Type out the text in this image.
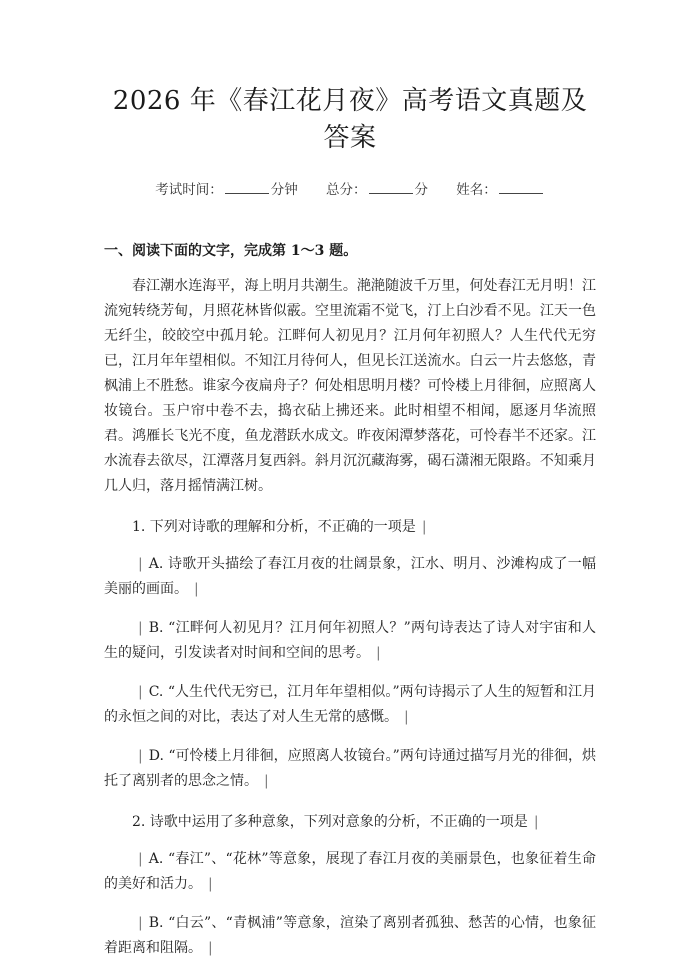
2026 年《春江花月夜》高考语文真题及答案
考试时间：	分钟 总分：	分 姓名：
一、阅读下面的文字，完成第 1～3 题。

春江潮水连海平，海上明月共潮生。滟滟随波千万里，何处春江无月明！江流宛转绕芳甸，月照花林皆似霰。空里流霜不觉飞，汀上白沙看不见。江天一色无纤尘，皎皎空中孤月轮。江畔何人初见月？江月何年初照人？人生代代无穷已，江月年年望相似。不知江月待何人，但见长江送流水。白云一片去悠悠，青枫浦上不胜愁。谁家今夜扁舟子？何处相思明月楼？可怜楼上月徘徊，应照离人妆镜台。玉户帘中卷不去，捣衣砧上拂还来。此时相望不相闻，愿逐月华流照君。鸿雁长飞光不度，鱼龙潜跃水成文。昨夜闲潭梦落花，可怜春半不还家。江水流春去欲尽，江潭落月复西斜。斜月沉沉藏海雾，碣石潇湘无限路。不知乘月几人归，落月摇情满江树。

1. 下列对诗歌的理解和分析，不正确的一项是 |

| A. 诗歌开头描绘了春江月夜的壮阔景象，江水、明月、沙滩构成了一幅美丽的画面。 |

| B. “江畔何人初见月？江月何年初照人？”两句诗表达了诗人对宇宙和人生的疑问，引发读者对时间和空间的思考。 |

| C. “人生代代无穷已，江月年年望相似。”两句诗揭示了人生的短暂和江月的永恒之间的对比，表达了对人生无常的感慨。 |

| D. “可怜楼上月徘徊，应照离人妆镜台。”两句诗通过描写月光的徘徊，烘托了离别者的思念之情。 |

2. 诗歌中运用了多种意象，下列对意象的分析，不正确的一项是 |

| A. “春江”、“花林”等意象，展现了春江月夜的美丽景色，也象征着生命的美好和活力。 |

| B. “白云”、“青枫浦”等意象，渲染了离别者孤独、愁苦的心情，也象征着距离和阻隔。 |
